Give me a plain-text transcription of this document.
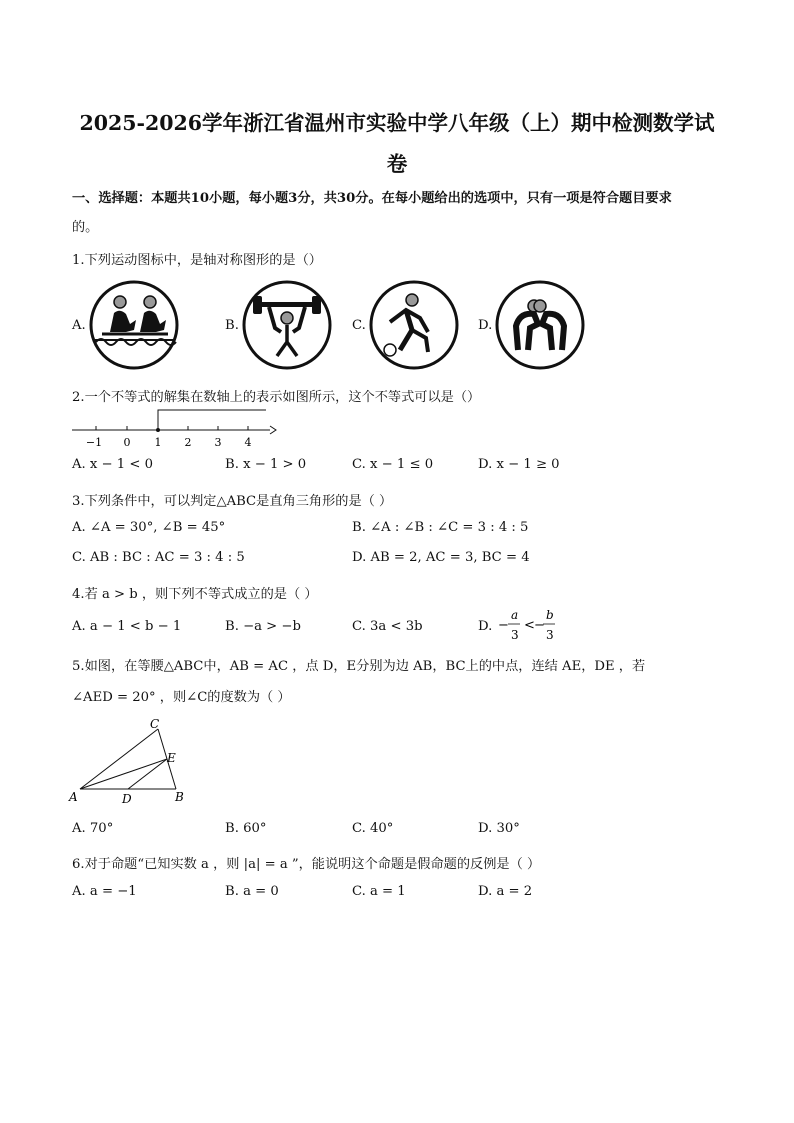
2025-2026学年浙江省温州市实验中学八年级（上）期中检测数学试
卷
一、选择题：本题共10小题，每小题3分，共30分。在每小题给出的选项中，只有一项是符合题目要求
的。
1.下列运动图标中，是轴对称图形的是（）
A.	B.	C.	D.
2.一个不等式的解集在数轴上的表示如图所示，这个不等式可以是（）
−1 0 1 2 3 4
A. x − 1 < 0	B. x − 1 > 0	C. x − 1 ≤ 0	D. x − 1 ≥ 0
3.下列条件中，可以判定△ABC是直角三角形的是（ ）
A. ∠A = 30°, ∠B = 45°	B. ∠A : ∠B : ∠C = 3 : 4 : 5
C. AB : BC : AC = 3 : 4 : 5	D. AB = 2, AC = 3, BC = 4
4.若 a > b ，则下列不等式成立的是（ ）
A. a − 1 < b − 1	B. −a > −b	C. 3a < 3b	D. −
a
3
< −
b
3
5.如图，在等腰△ABC中，AB = AC ，点 D，E分别为边 AB，BC上的中点，连结 AE，DE ，若
∠AED = 20° ，则∠C的度数为（ ）
A	B
C
D
E
A. 70°	B. 60°	C. 40°	D. 30°
6.对于命题“已知实数 a ，则 |a| = a ”，能说明这个命题是假命题的反例是（ ）
A. a = −1	B. a = 0	C. a = 1	D. a = 2
